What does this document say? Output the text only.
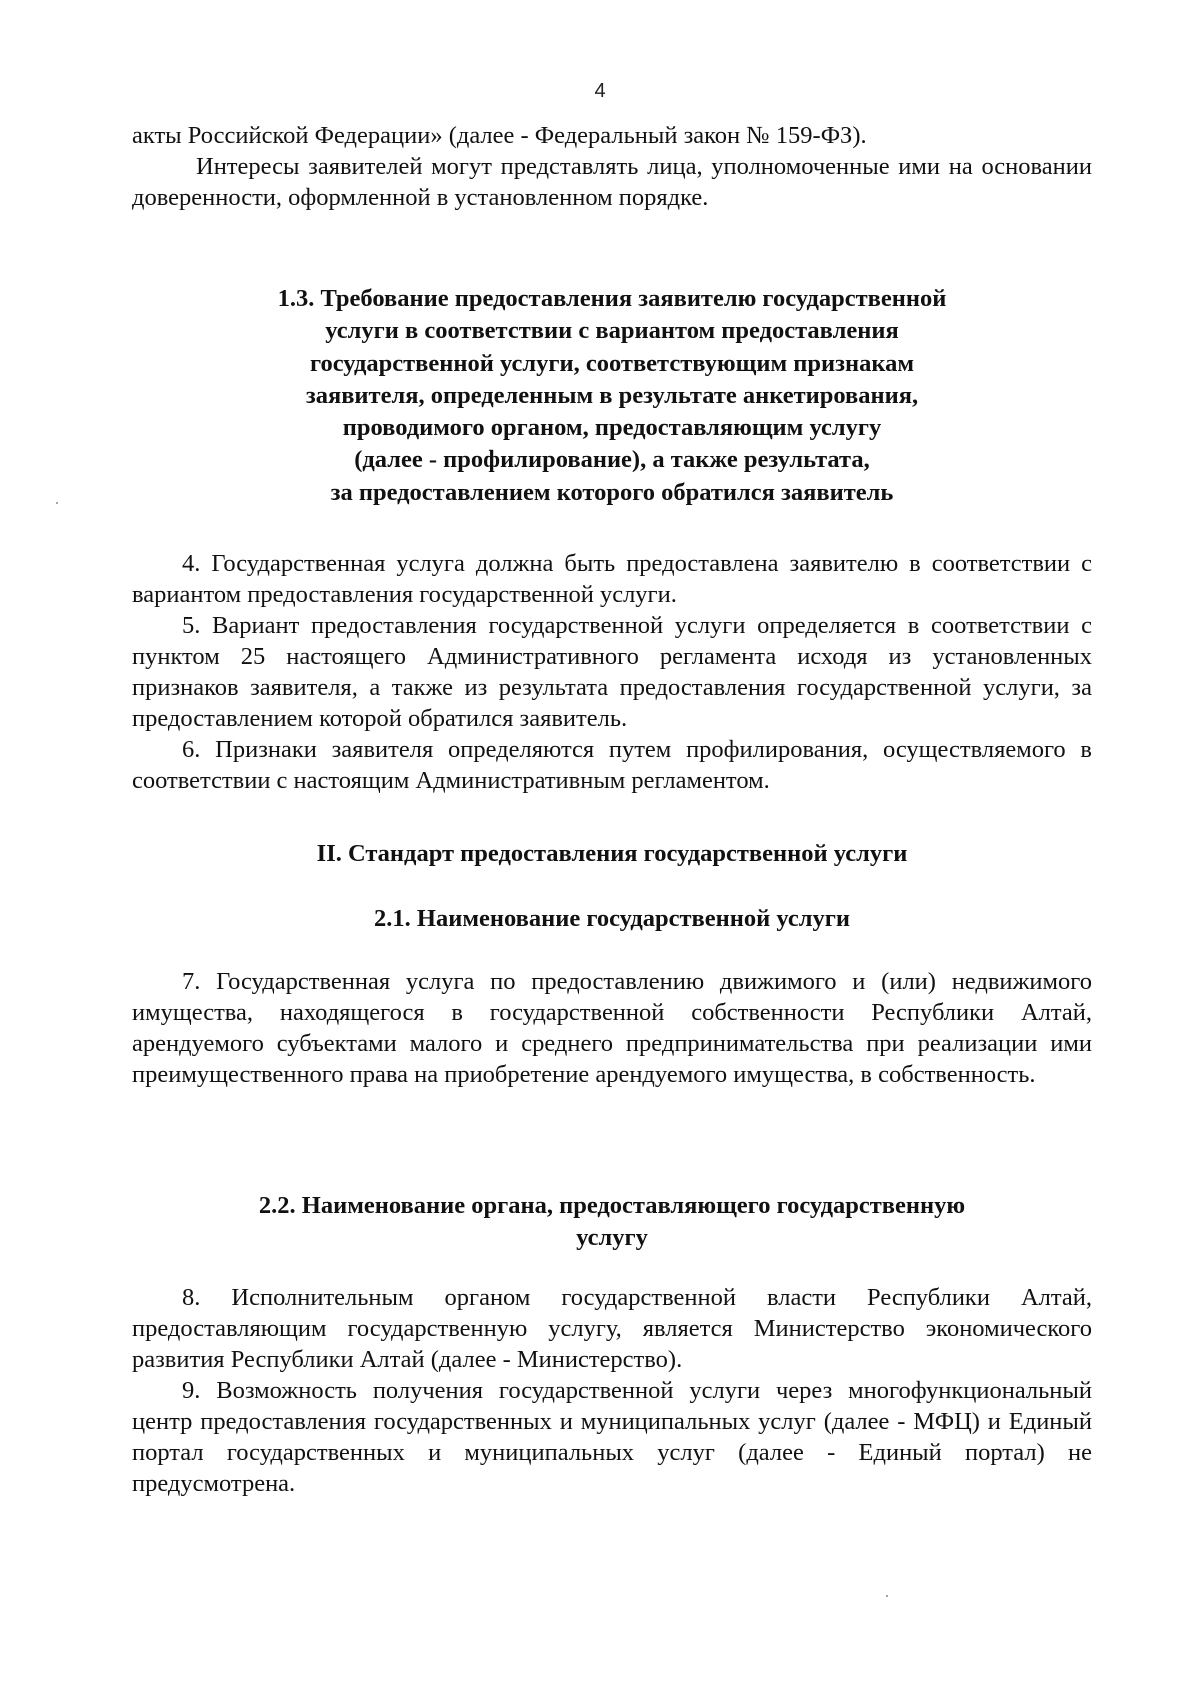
4

акты Российской Федерации» (далее - Федеральный закон № 159-ФЗ).

Интересы заявителей могут представлять лица, уполномоченные ими на основании доверенности, оформленной в установленном порядке.

1.3. Требование предоставления заявителю государственной
услуги в соответствии с вариантом предоставления
государственной услуги, соответствующим признакам
заявителя, определенным в результате анкетирования,
проводимого органом, предоставляющим услугу
(далее - профилирование), а также результата,
за предоставлением которого обратился заявитель

4. Государственная услуга должна быть предоставлена заявителю в соответствии с вариантом предоставления государственной услуги.

5. Вариант предоставления государственной услуги определяется в соответствии с пунктом 25 настоящего Административного регламента исходя из установленных признаков заявителя, а также из результата предоставления государственной услуги, за предоставлением которой обратился заявитель.

6. Признаки заявителя определяются путем профилирования, осуществляемого в соответствии с настоящим Административным регламентом.

II. Стандарт предоставления государственной услуги
2.1. Наименование государственной услуги

7. Государственная услуга по предоставлению движимого и (или) недвижимого имущества, находящегося в государственной собственности Республики Алтай, арендуемого субъектами малого и среднего предпринимательства при реализации ими преимущественного права на приобретение арендуемого имущества, в собственность.

2.2. Наименование органа, предоставляющего государственную
услугу

8. Исполнительным органом государственной власти Республики Алтай, предоставляющим государственную услугу, является Министерство экономического развития Республики Алтай (далее - Министерство).

9. Возможность получения государственной услуги через многофункциональный центр предоставления государственных и муниципальных услуг (далее - МФЦ) и Единый портал государственных и муниципальных услуг (далее - Единый портал) не предусмотрена.
